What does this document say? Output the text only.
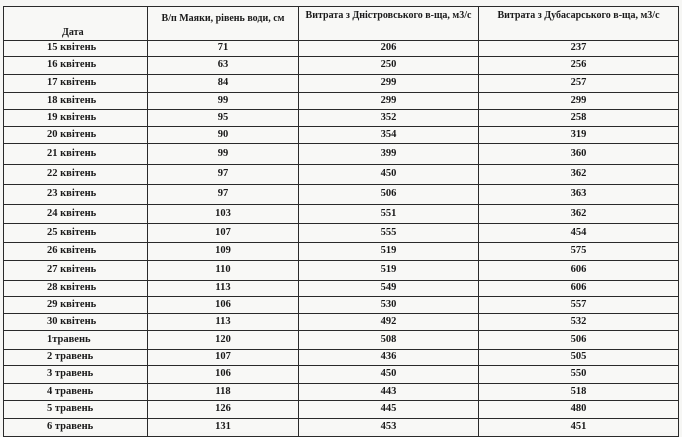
Дата	В/п Маяки, рівень води, см	Витрата з Дністровського в-ща, м3/с	Витрата з Дубасарського в-ща, м3/с
15 квітень	71	206	237
16 квітень	63	250	256
17 квітень	84	299	257
18 квітень	99	299	299
19 квітень	95	352	258
20 квітень	90	354	319
21 квітень	99	399	360
22 квітень	97	450	362
23 квітень	97	506	363
24 квітень	103	551	362
25 квітень	107	555	454
26 квітень	109	519	575
27 квітень	110	519	606
28 квітень	113	549	606
29 квітень	106	530	557
30 квітень	113	492	532
1травень	120	508	506
2 травень	107	436	505
3 травень	106	450	550
4 травень	118	443	518
5 травень	126	445	480
6 травень	131	453	451
